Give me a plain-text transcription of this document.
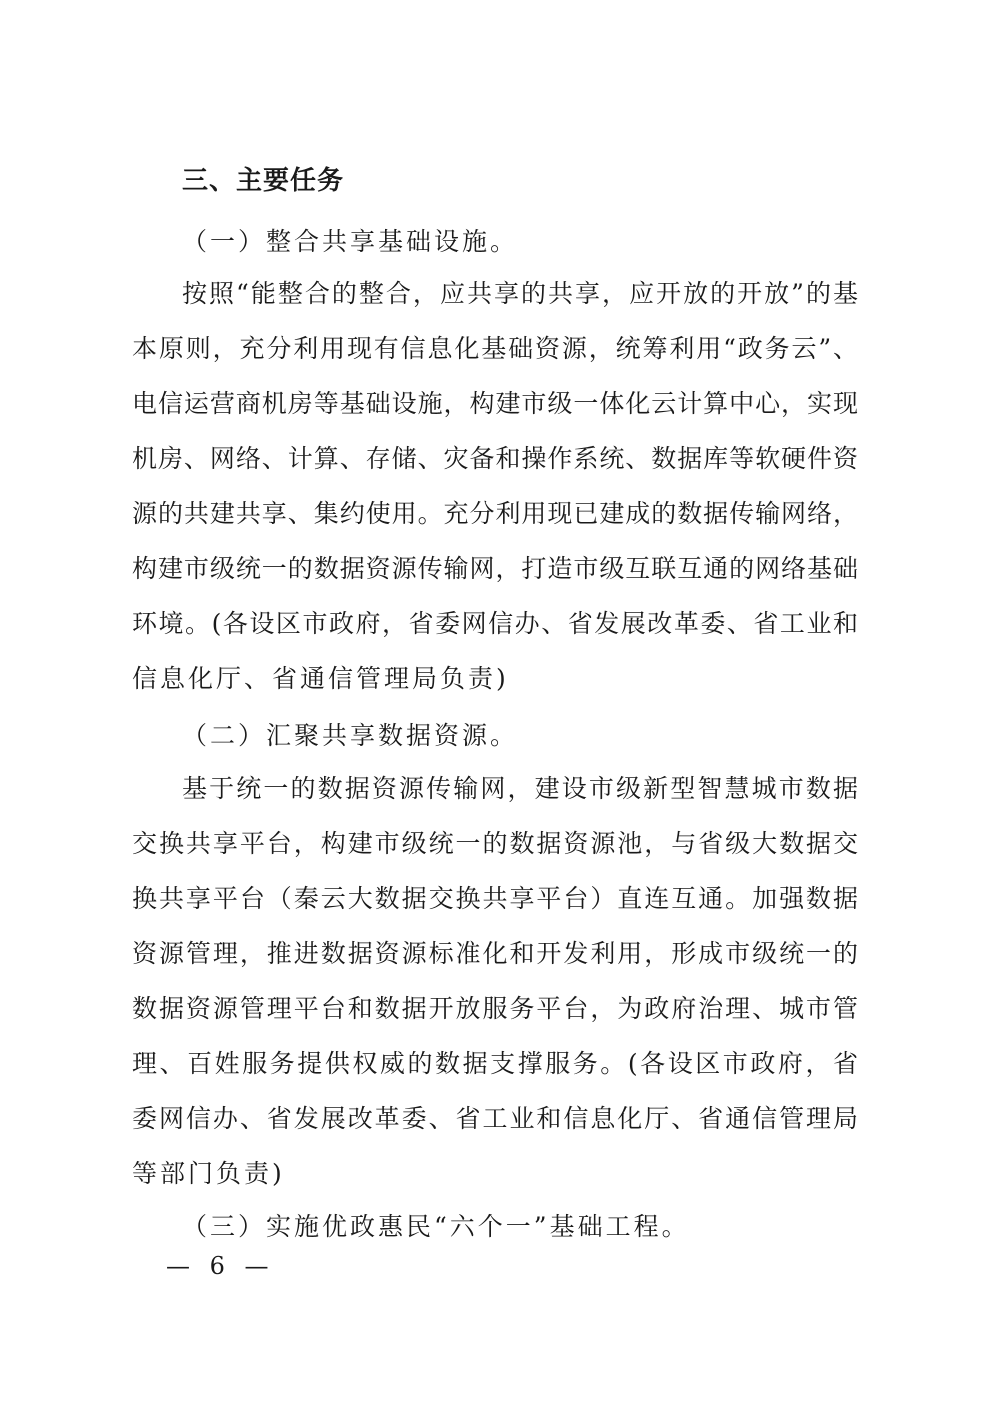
三、主要任务
（一）整合共享基础设施。
按照“能整合的整合，应共享的共享，应开放的开放”的基
本原则，充分利用现有信息化基础资源，统筹利用“政务云”、
电信运营商机房等基础设施，构建市级一体化云计算中心，实现
机房、网络、计算、存储、灾备和操作系统、数据库等软硬件资
源的共建共享、集约使用。充分利用现已建成的数据传输网络，
构建市级统一的数据资源传输网，打造市级互联互通的网络基础
环境。(各设区市政府，省委网信办、省发展改革委、省工业和
信息化厅、省通信管理局负责)
（二）汇聚共享数据资源。
基于统一的数据资源传输网，建设市级新型智慧城市数据
交换共享平台，构建市级统一的数据资源池，与省级大数据交
换共享平台（秦云大数据交换共享平台）直连互通。加强数据
资源管理，推进数据资源标准化和开发利用，形成市级统一的
数据资源管理平台和数据开放服务平台，为政府治理、城市管
理、百姓服务提供权威的数据支撑服务。(各设区市政府，省
委网信办、省发展改革委、省工业和信息化厅、省通信管理局
等部门负责)
（三）实施优政惠民“六个一”基础工程。
— 6 —
